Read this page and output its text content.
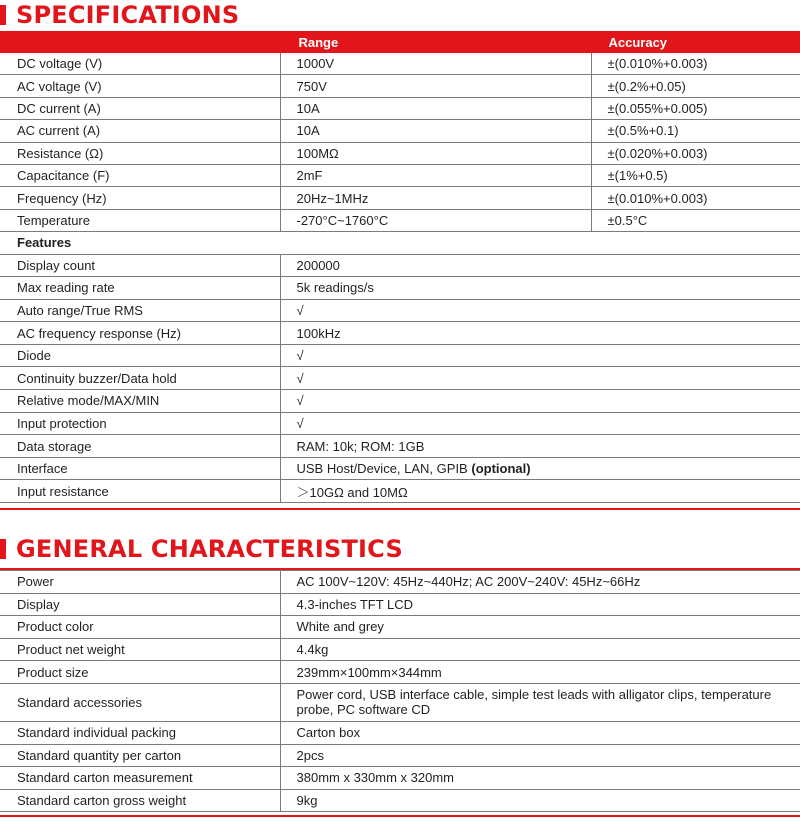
SPECIFICATIONS
	Range	Accuracy
DC voltage (V)	1000V	±(0.010%+0.003)
AC voltage (V)	750V	±(0.2%+0.05)
DC current (A)	10A	±(0.055%+0.005)
AC current (A)	10A	±(0.5%+0.1)
Resistance (Ω)	100MΩ	±(0.020%+0.003)
Capacitance (F)	2mF	±(1%+0.5)
Frequency (Hz)	20Hz~1MHz	±(0.010%+0.003)
Temperature	-270°C~1760°C	±0.5°C
Features		
Display count	200000	
Max reading rate	5k readings/s	
Auto range/True RMS	√	
AC frequency response (Hz)	100kHz	
Diode	√	
Continuity buzzer/Data hold	√	
Relative mode/MAX/MIN	√	
Input protection	√	
Data storage	RAM: 10k; ROM: 1GB	
Interface	USB Host/Device, LAN, GPIB (optional)	
Input resistance	＞10GΩ and 10MΩ	
GENERAL CHARACTERISTICS
Power	AC 100V~120V: 45Hz~440Hz; AC 200V~240V: 45Hz~66Hz
Display	4.3-inches TFT LCD
Product color	White and grey
Product net weight	4.4kg
Product size	239mm×100mm×344mm
Standard accessories	Power cord, USB interface cable, simple test leads with alligator clips, temperature probe, PC software CD
Standard individual packing	Carton box
Standard quantity per carton	2pcs
Standard carton measurement	380mm x 330mm x 320mm
Standard carton gross weight	9kg
